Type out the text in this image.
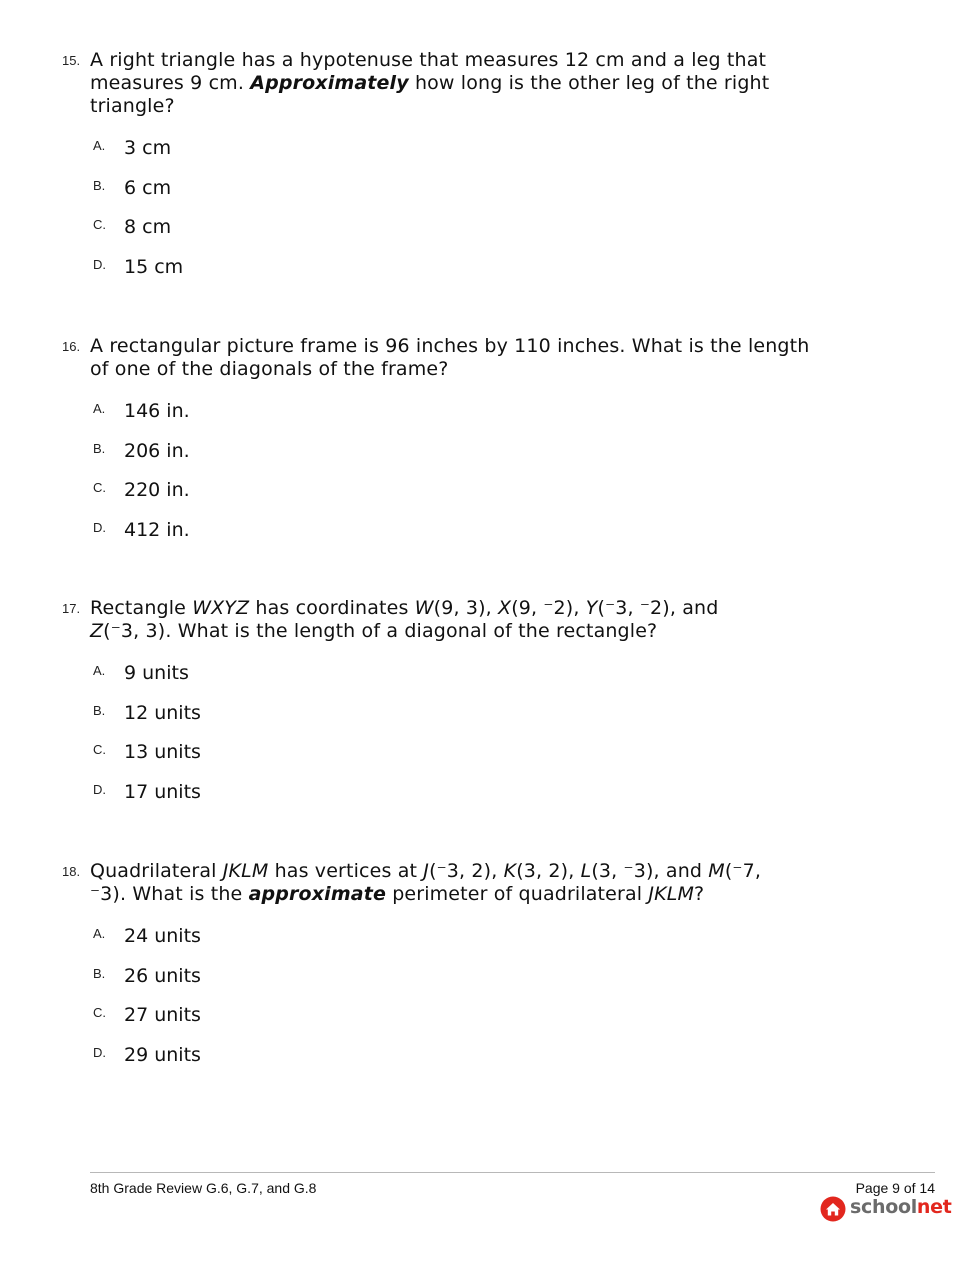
15. A right triangle has a hypotenuse that measures 12 cm and a leg that measures 9 cm. Approximately how long is the other leg of the right triangle?
A. 3 cm
B. 6 cm
C. 8 cm
D. 15 cm
16. A rectangular picture frame is 96 inches by 110 inches. What is the length of one of the diagonals of the frame?
A. 146 in.
B. 206 in.
C. 220 in.
D. 412 in.
17. Rectangle WXYZ has coordinates W(9, 3), X(9, ⁻2), Y(⁻3, ⁻2), and
Z(⁻3, 3). What is the length of a diagonal of the rectangle?
A. 9 units
B. 12 units
C. 13 units
D. 17 units
18. Quadrilateral JKLM has vertices at J(⁻3, 2), K(3, 2), L(3, ⁻3), and M(⁻7,
⁻3). What is the approximate perimeter of quadrilateral JKLM?
A. 24 units
B. 26 units
C. 27 units
D. 29 units
8th Grade Review G.6, G.7, and G.8	Page 9 of 14
schoolnet
